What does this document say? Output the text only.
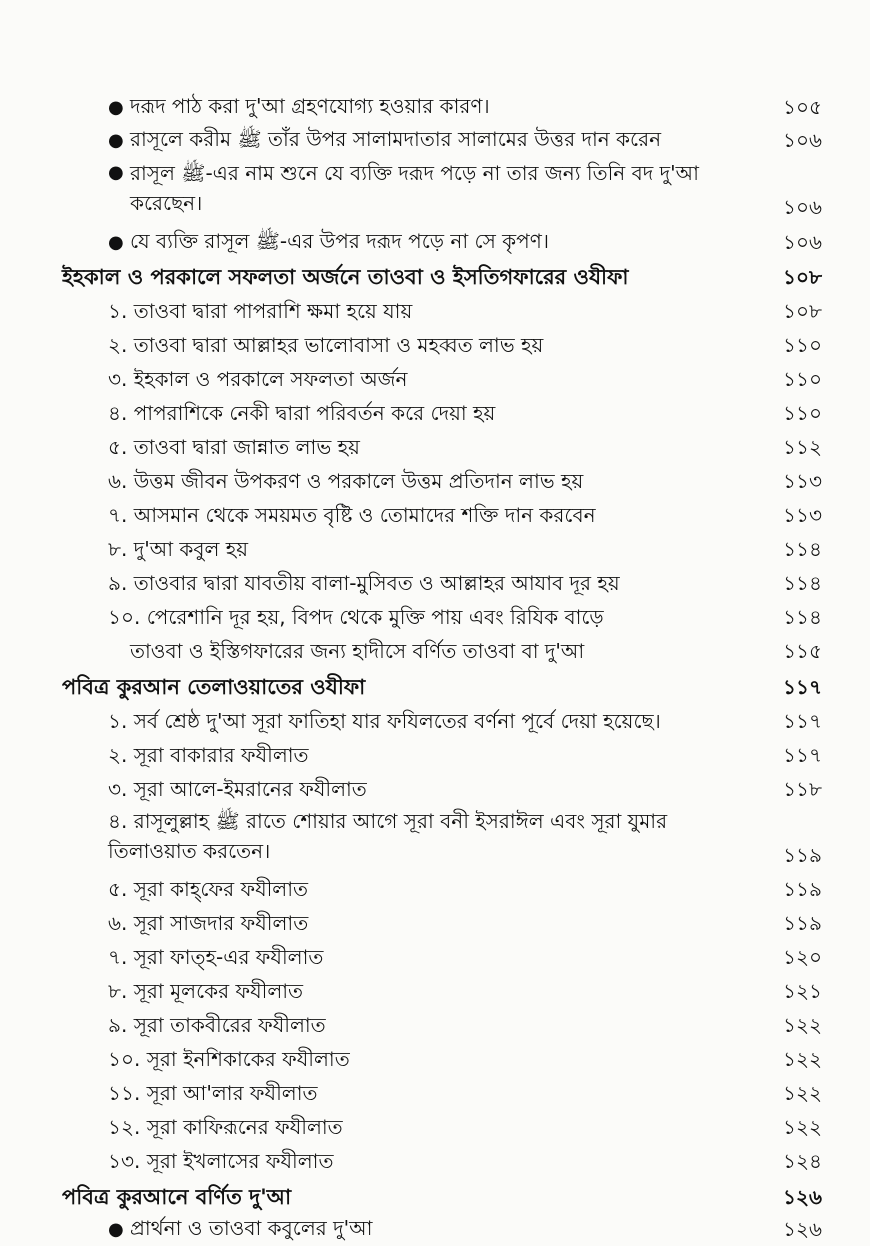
● দরূদ পাঠ করা দু'আ গ্রহণযোগ্য হওয়ার কারণ।	১০৫
● রাসূলে করীম ﷺ তাঁর উপর সালামদাতার সালামের উত্তর দান করেন	১০৬
● রাসূল ﷺ-এর নাম শুনে যে ব্যক্তি দরূদ পড়ে না তার জন্য তিনি বদ দু'আ করেছেন।	১০৬
● যে ব্যক্তি রাসূল ﷺ-এর উপর দরূদ পড়ে না সে কৃপণ।	১০৬
ইহকাল ও পরকালে সফলতা অর্জনে তাওবা ও ইসতিগফারের ওযীফা	১০৮
১. তাওবা দ্বারা পাপরাশি ক্ষমা হয়ে যায়	১০৮
২. তাওবা দ্বারা আল্লাহর ভালোবাসা ও মহব্বত লাভ হয়	১১০
৩. ইহকাল ও পরকালে সফলতা অর্জন	১১০
৪. পাপরাশিকে নেকী দ্বারা পরিবর্তন করে দেয়া হয়	১১০
৫. তাওবা দ্বারা জান্নাত লাভ হয়	১১২
৬. উত্তম জীবন উপকরণ ও পরকালে উত্তম প্রতিদান লাভ হয়	১১৩
৭. আসমান থেকে সময়মত বৃষ্টি ও তোমাদের শক্তি দান করবেন	১১৩
৮. দু'আ কবুল হয়	১১৪
৯. তাওবার দ্বারা যাবতীয় বালা-মুসিবত ও আল্লাহর আযাব দূর হয়	১১৪
১০. পেরেশানি দূর হয়, বিপদ থেকে মুক্তি পায় এবং রিযিক বাড়ে	১১৪
তাওবা ও ইস্তিগফারের জন্য হাদীসে বর্ণিত তাওবা বা দু'আ	১১৫
পবিত্র কুরআন তেলাওয়াতের ওযীফা	১১৭
১. সর্ব শ্রেষ্ঠ দু'আ সূরা ফাতিহা যার ফযিলতের বর্ণনা পূর্বে দেয়া হয়েছে।	১১৭
২. সূরা বাকারার ফযীলাত	১১৭
৩. সূরা আলে-ইমরানের ফযীলাত	১১৮
৪. রাসূলুল্লাহ ﷺ রাতে শোয়ার আগে সূরা বনী ইসরাঈল এবং সূরা যুমার তিলাওয়াত করতেন।	১১৯
৫. সূরা কাহ্‌ফের ফযীলাত	১১৯
৬. সূরা সাজদার ফযীলাত	১১৯
৭. সূরা ফাত্‌হ-এর ফযীলাত	১২০
৮. সূরা মূলকের ফযীলাত	১২১
৯. সূরা তাকবীরের ফযীলাত	১২২
১০. সূরা ইনশিকাকের ফযীলাত	১২২
১১. সূরা আ'লার ফযীলাত	১২২
১২. সূরা কাফিরূনের ফযীলাত	১২২
১৩. সূরা ইখলাসের ফযীলাত	১২৪
পবিত্র কুরআনে বর্ণিত দু'আ	১২৬
● প্রার্থনা ও তাওবা কবুলের দু'আ	১২৬
